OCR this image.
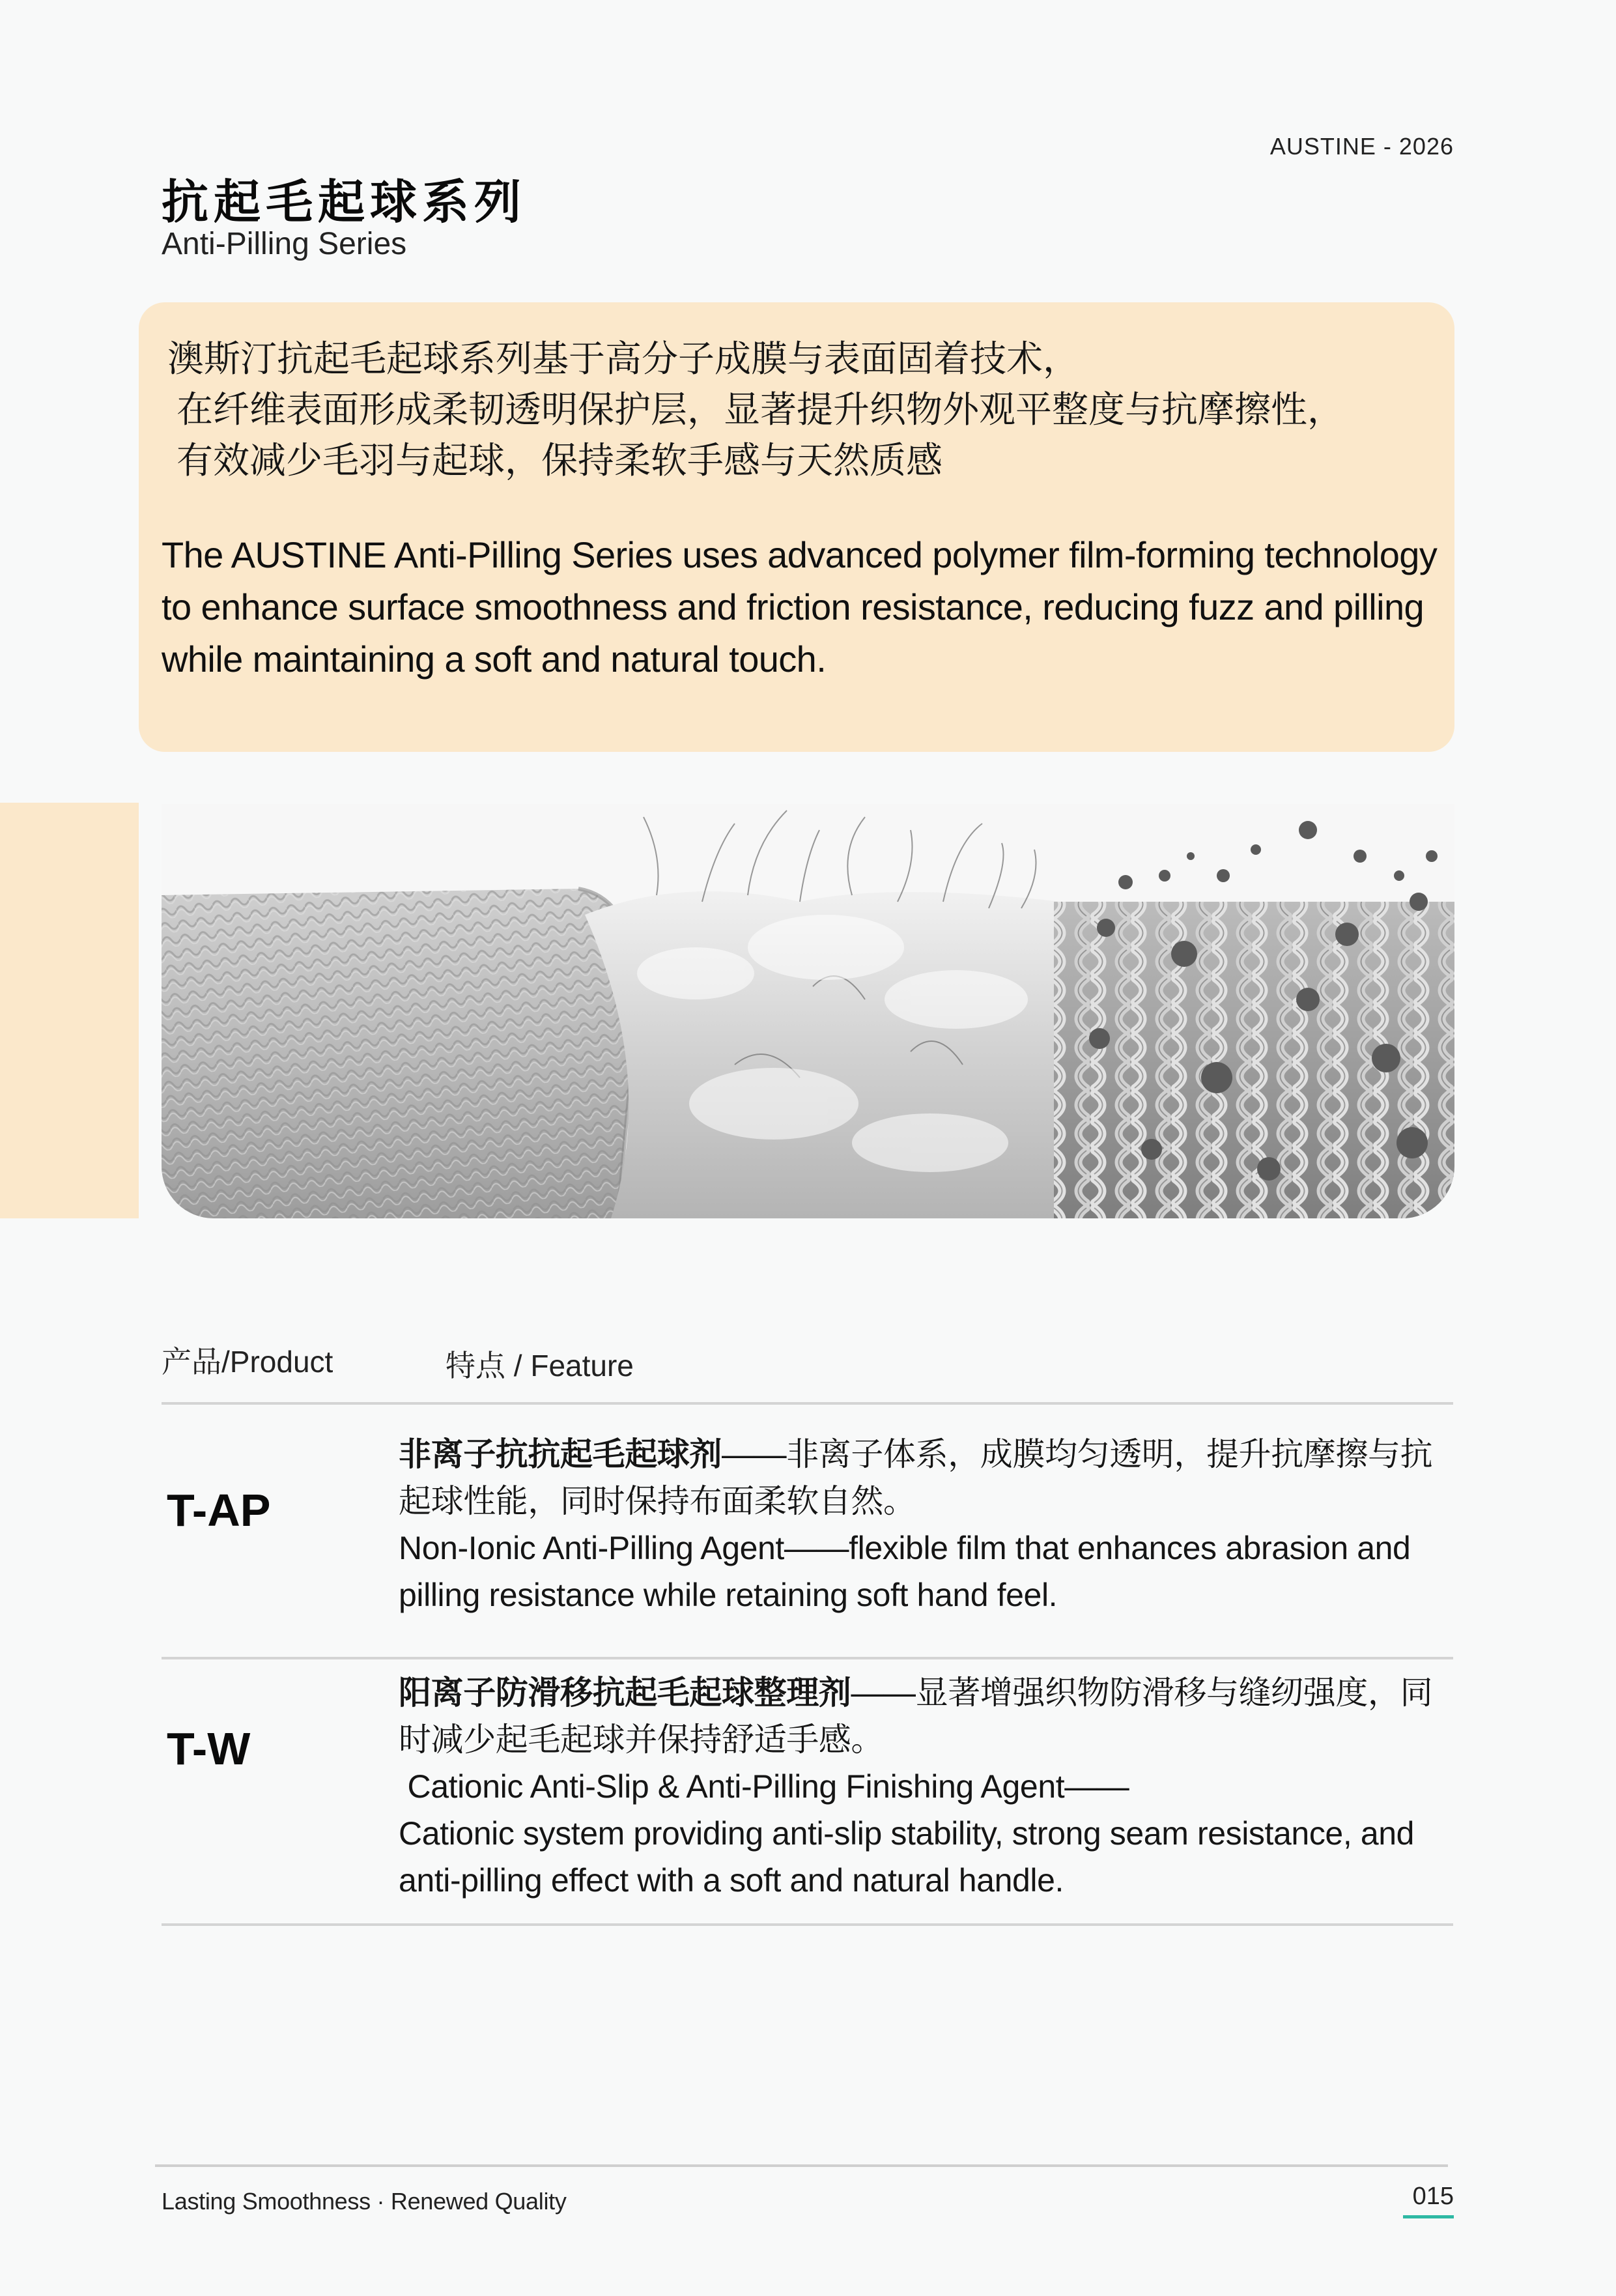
AUSTINE - 2026
抗起毛起球系列
Anti-Pilling Series
澳斯汀抗起毛起球系列基于高分子成膜与表面固着技术，
在纤维表面形成柔韧透明保护层，显著提升织物外观平整度与抗摩擦性，
有效减少毛羽与起球，保持柔软手感与天然质感
The AUSTINE Anti-Pilling Series uses advanced polymer film-forming technology to enhance surface smoothness and friction resistance, reducing fuzz and pilling while maintaining a soft and natural touch.
产品/Product	特点 / Feature
T-AP
非离子抗抗起毛起球剂——非离子体系，成膜均匀透明，提升抗摩擦与抗起球性能，同时保持布面柔软自然。
Non-Ionic Anti-Pilling Agent——flexible film that enhances abrasion and pilling resistance while retaining soft hand feel.
T-W
阳离子防滑移抗起毛起球整理剂——显著增强织物防滑移与缝纫强度，同时减少起毛起球并保持舒适手感。
Cationic Anti-Slip & Anti-Pilling Finishing Agent——
Cationic system providing anti-slip stability, strong seam resistance, and anti-pilling effect with a soft and natural handle.
Lasting Smoothness · Renewed Quality	015
